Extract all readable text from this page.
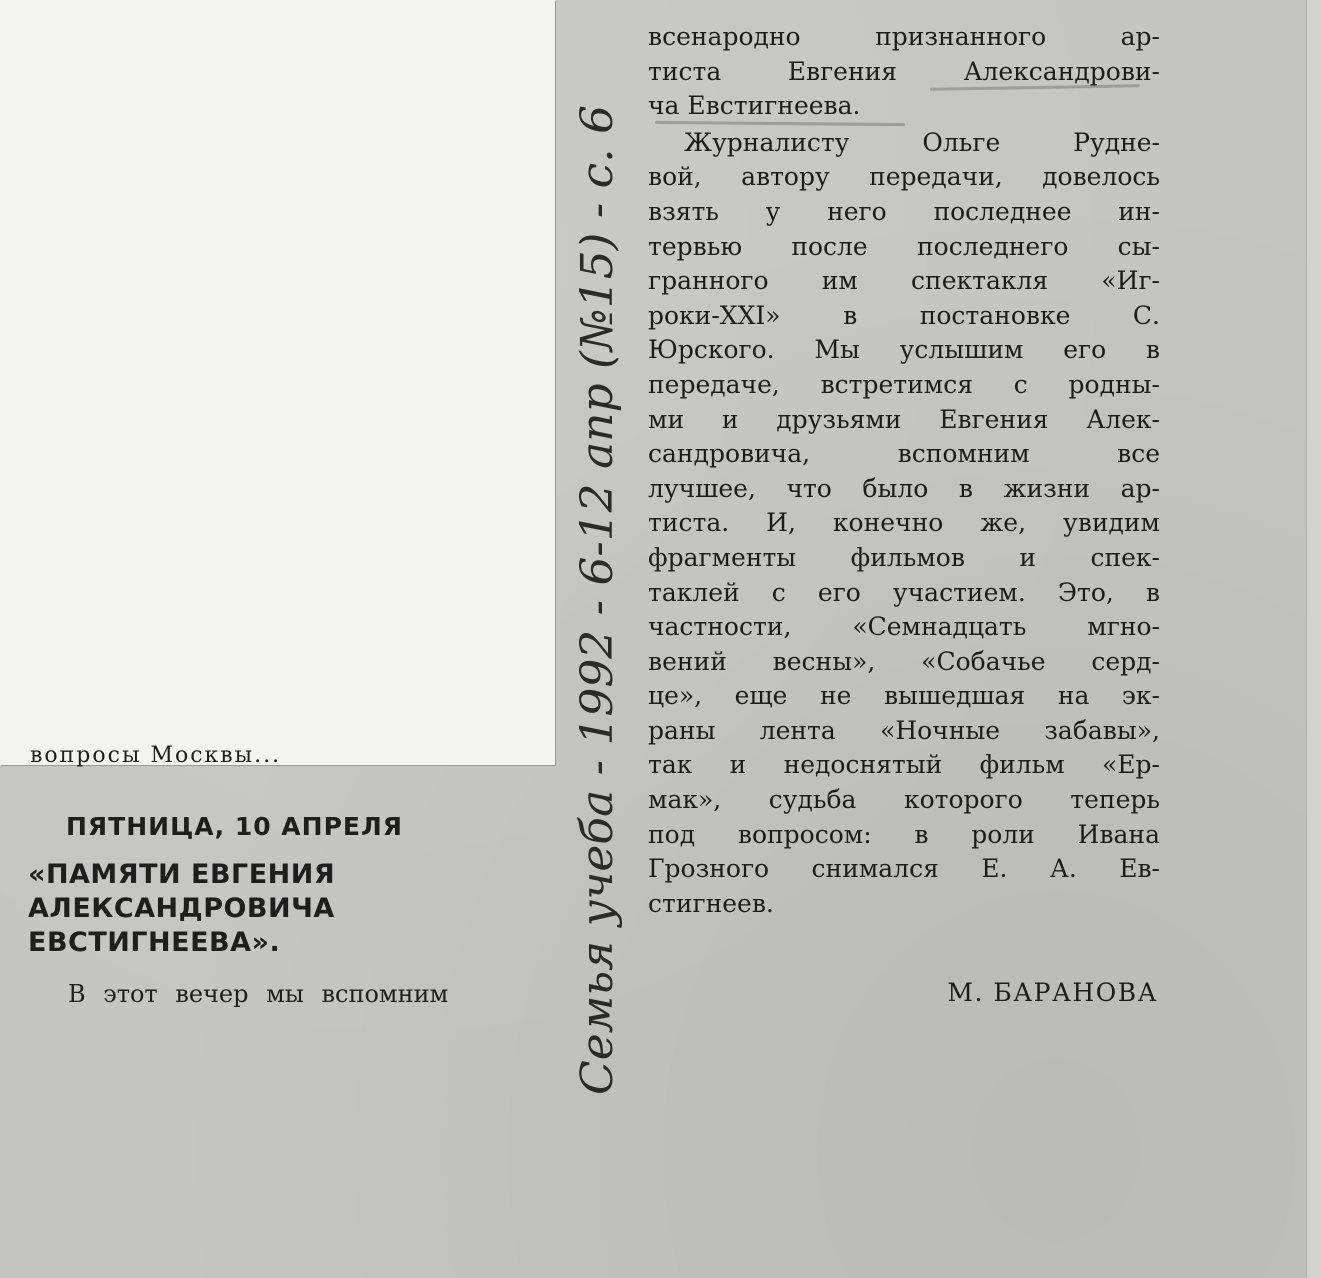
вопросы Москвы...
ПЯТНИЦА, 10 АПРЕЛЯ
«ПАМЯТИ ЕВГЕНИЯ
АЛЕКСАНДРОВИЧА
ЕВСТИГНЕЕВА».
В этот вечер мы вспомним	Семья учеба - 1992 - 6-12 апр (№15) - с. 6
всенародно признанного ар-
тиста Евгения Александрови-
ча Евстигнеева.
Журналисту Ольге Рудне-
вой, автору передачи, довелось
взять у него последнее ин-
тервью после последнего сы-
гранного им спектакля «Иг-
роки-XXI» в постановке С.
Юрского. Мы услышим его в
передаче, встретимся с родны-
ми и друзьями Евгения Алек-
сандровича, вспомним все
лучшее, что было в жизни ар-
тиста. И, конечно же, увидим
фрагменты фильмов и спек-
таклей с его участием. Это, в
частности, «Семнадцать мгно-
вений весны», «Собачье серд-
це», еще не вышедшая на эк-
раны лента «Ночные забавы»,
так и недоснятый фильм «Ер-
мак», судьба которого теперь
под вопросом: в роли Ивана
Грозного снимался Е. А. Ев-
стигнеев.
М. БАРАНОВА
